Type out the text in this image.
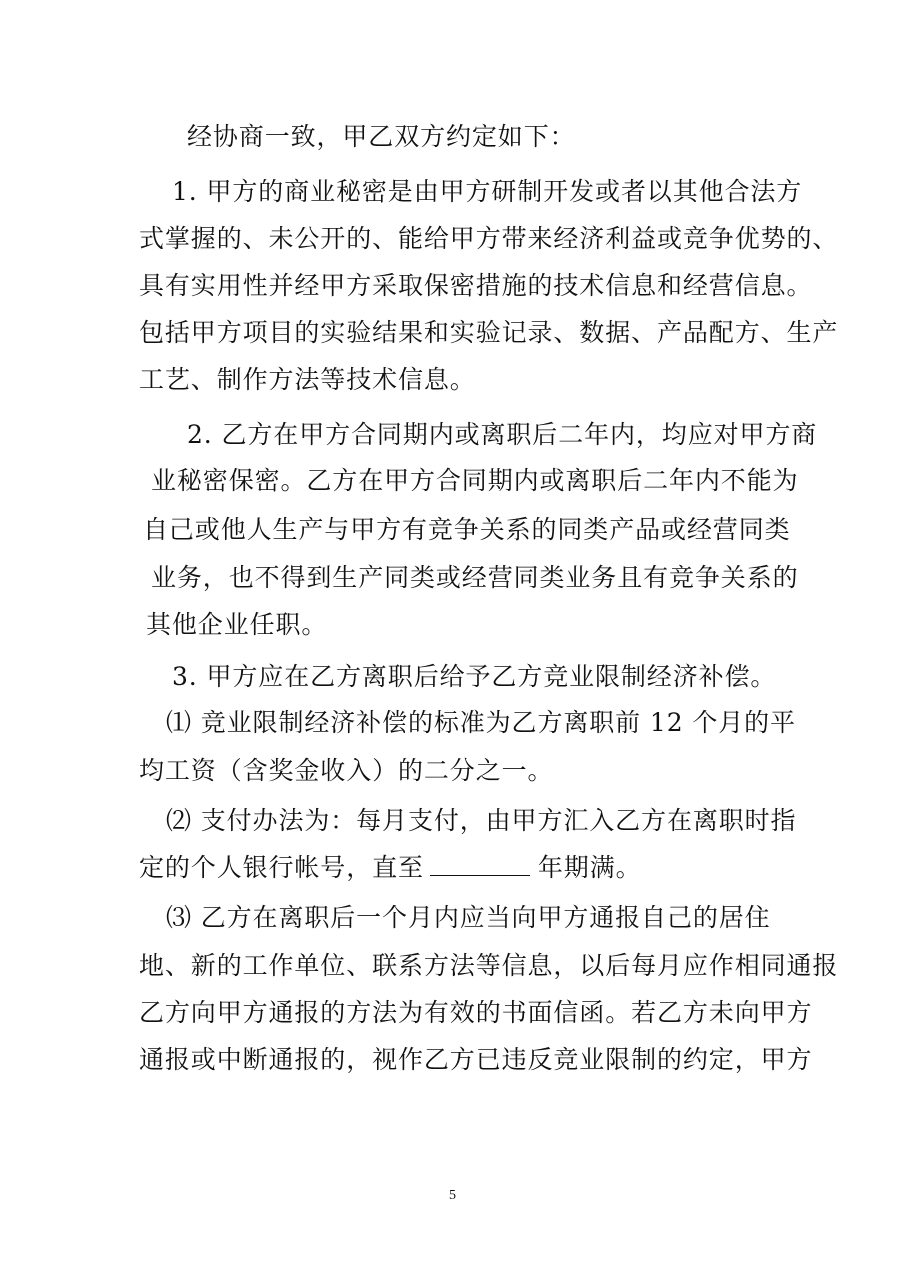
经协商一致，甲乙双方约定如下：
1. 甲方的商业秘密是由甲方研制开发或者以其他合法方
式掌握的、未公开的、能给甲方带来经济利益或竞争优势的、
具有实用性并经甲方采取保密措施的技术信息和经营信息。
包括甲方项目的实验结果和实验记录、数据、产品配方、生产
工艺、制作方法等技术信息。
2. 乙方在甲方合同期内或离职后二年内，均应对甲方商
业秘密保密。乙方在甲方合同期内或离职后二年内不能为
自己或他人生产与甲方有竞争关系的同类产品或经营同类
业务，也不得到生产同类或经营同类业务且有竞争关系的
其他企业任职。
3. 甲方应在乙方离职后给予乙方竞业限制经济补偿。
⑴ 竞业限制经济补偿的标准为乙方离职前 12 个月的平
均工资（含奖金收入）的二分之一。
⑵ 支付办法为：每月支付，由甲方汇入乙方在离职时指
定的个人银行帐号，直至	年期满。
⑶ 乙方在离职后一个月内应当向甲方通报自己的居住
地、新的工作单位、联系方法等信息，以后每月应作相同通报
乙方向甲方通报的方法为有效的书面信函。若乙方未向甲方
通报或中断通报的，视作乙方已违反竞业限制的约定，甲方
5
